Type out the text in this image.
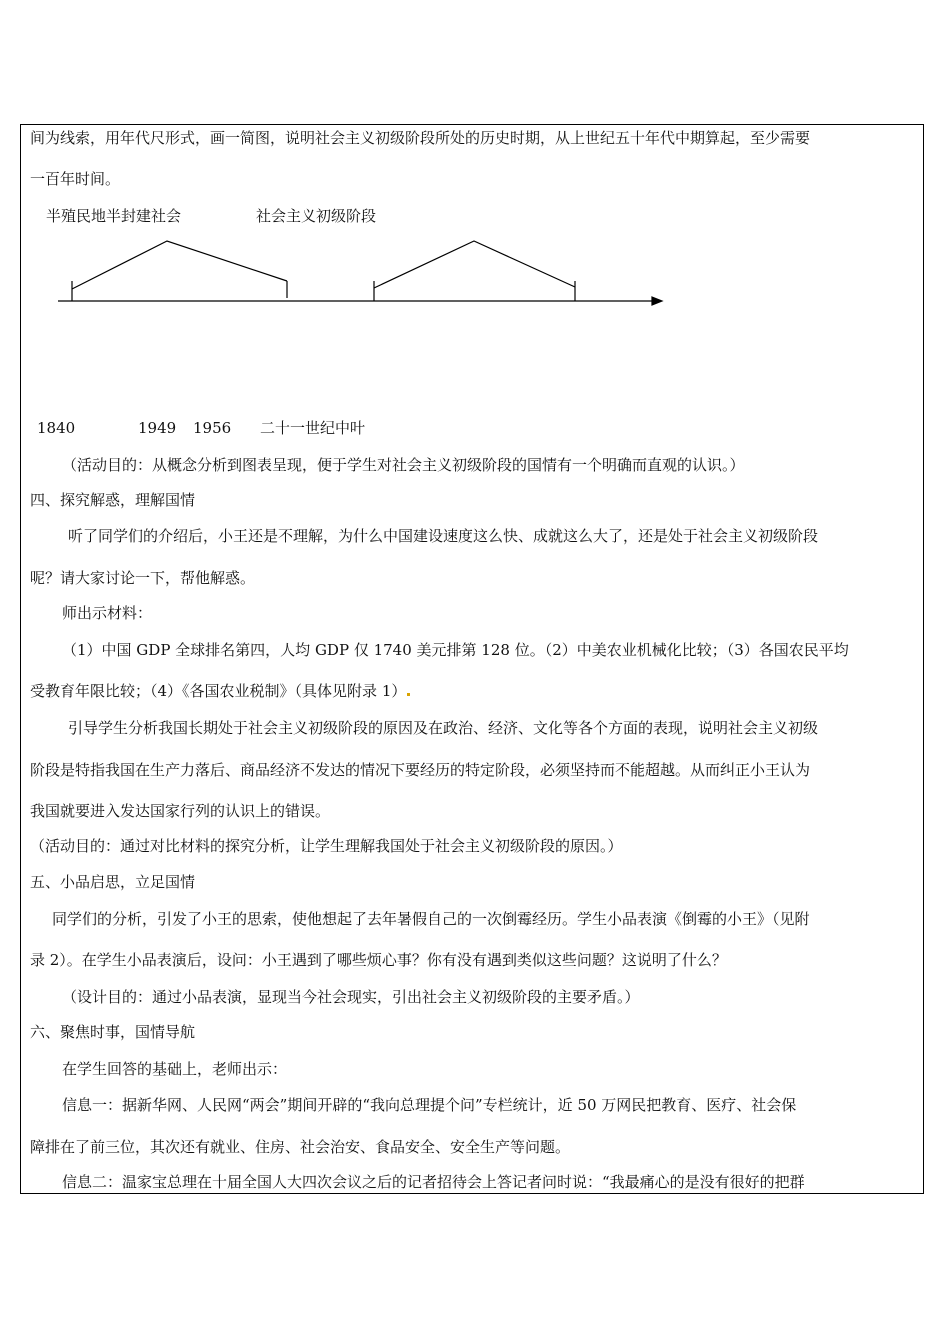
间为线索，用年代尺形式，画一简图，说明社会主义初级阶段所处的历史时期，从上世纪五十年代中期算起，至少需要
一百年时间。
半殖民地半封建社会	社会主义初级阶段
1840	1949 1956 二十一世纪中叶
（活动目的：从概念分析到图表呈现，便于学生对社会主义初级阶段的国情有一个明确而直观的认识。）
四、探究解惑，理解国情
听了同学们的介绍后，小王还是不理解，为什么中国建设速度这么快、成就这么大了，还是处于社会主义初级阶段
呢？请大家讨论一下，帮他解惑。
师出示材料：
（1）中国 GDP 全球排名第四，人均 GDP 仅 1740 美元排第 128 位。（2）中美农业机械化比较；（3）各国农民平均
受教育年限比较；（4）《各国农业税制》（具体见附录 1）
引导学生分析我国长期处于社会主义初级阶段的原因及在政治、经济、文化等各个方面的表现，说明社会主义初级
阶段是特指我国在生产力落后、商品经济不发达的情况下要经历的特定阶段，必须坚持而不能超越。从而纠正小王认为
我国就要进入发达国家行列的认识上的错误。
（活动目的：通过对比材料的探究分析，让学生理解我国处于社会主义初级阶段的原因。）
五、小品启思，立足国情
同学们的分析，引发了小王的思索，使他想起了去年暑假自己的一次倒霉经历。学生小品表演《倒霉的小王》（见附
录 2）。在学生小品表演后，设问：小王遇到了哪些烦心事？你有没有遇到类似这些问题？这说明了什么？
（设计目的：通过小品表演，显现当今社会现实，引出社会主义初级阶段的主要矛盾。）
六、聚焦时事，国情导航
在学生回答的基础上，老师出示：
信息一：据新华网、人民网“两会”期间开辟的“我向总理提个问”专栏统计，近 50 万网民把教育、医疗、社会保
障排在了前三位，其次还有就业、住房、社会治安、食品安全、安全生产等问题。
信息二：温家宝总理在十届全国人大四次会议之后的记者招待会上答记者问时说：“我最痛心的是没有很好的把群
